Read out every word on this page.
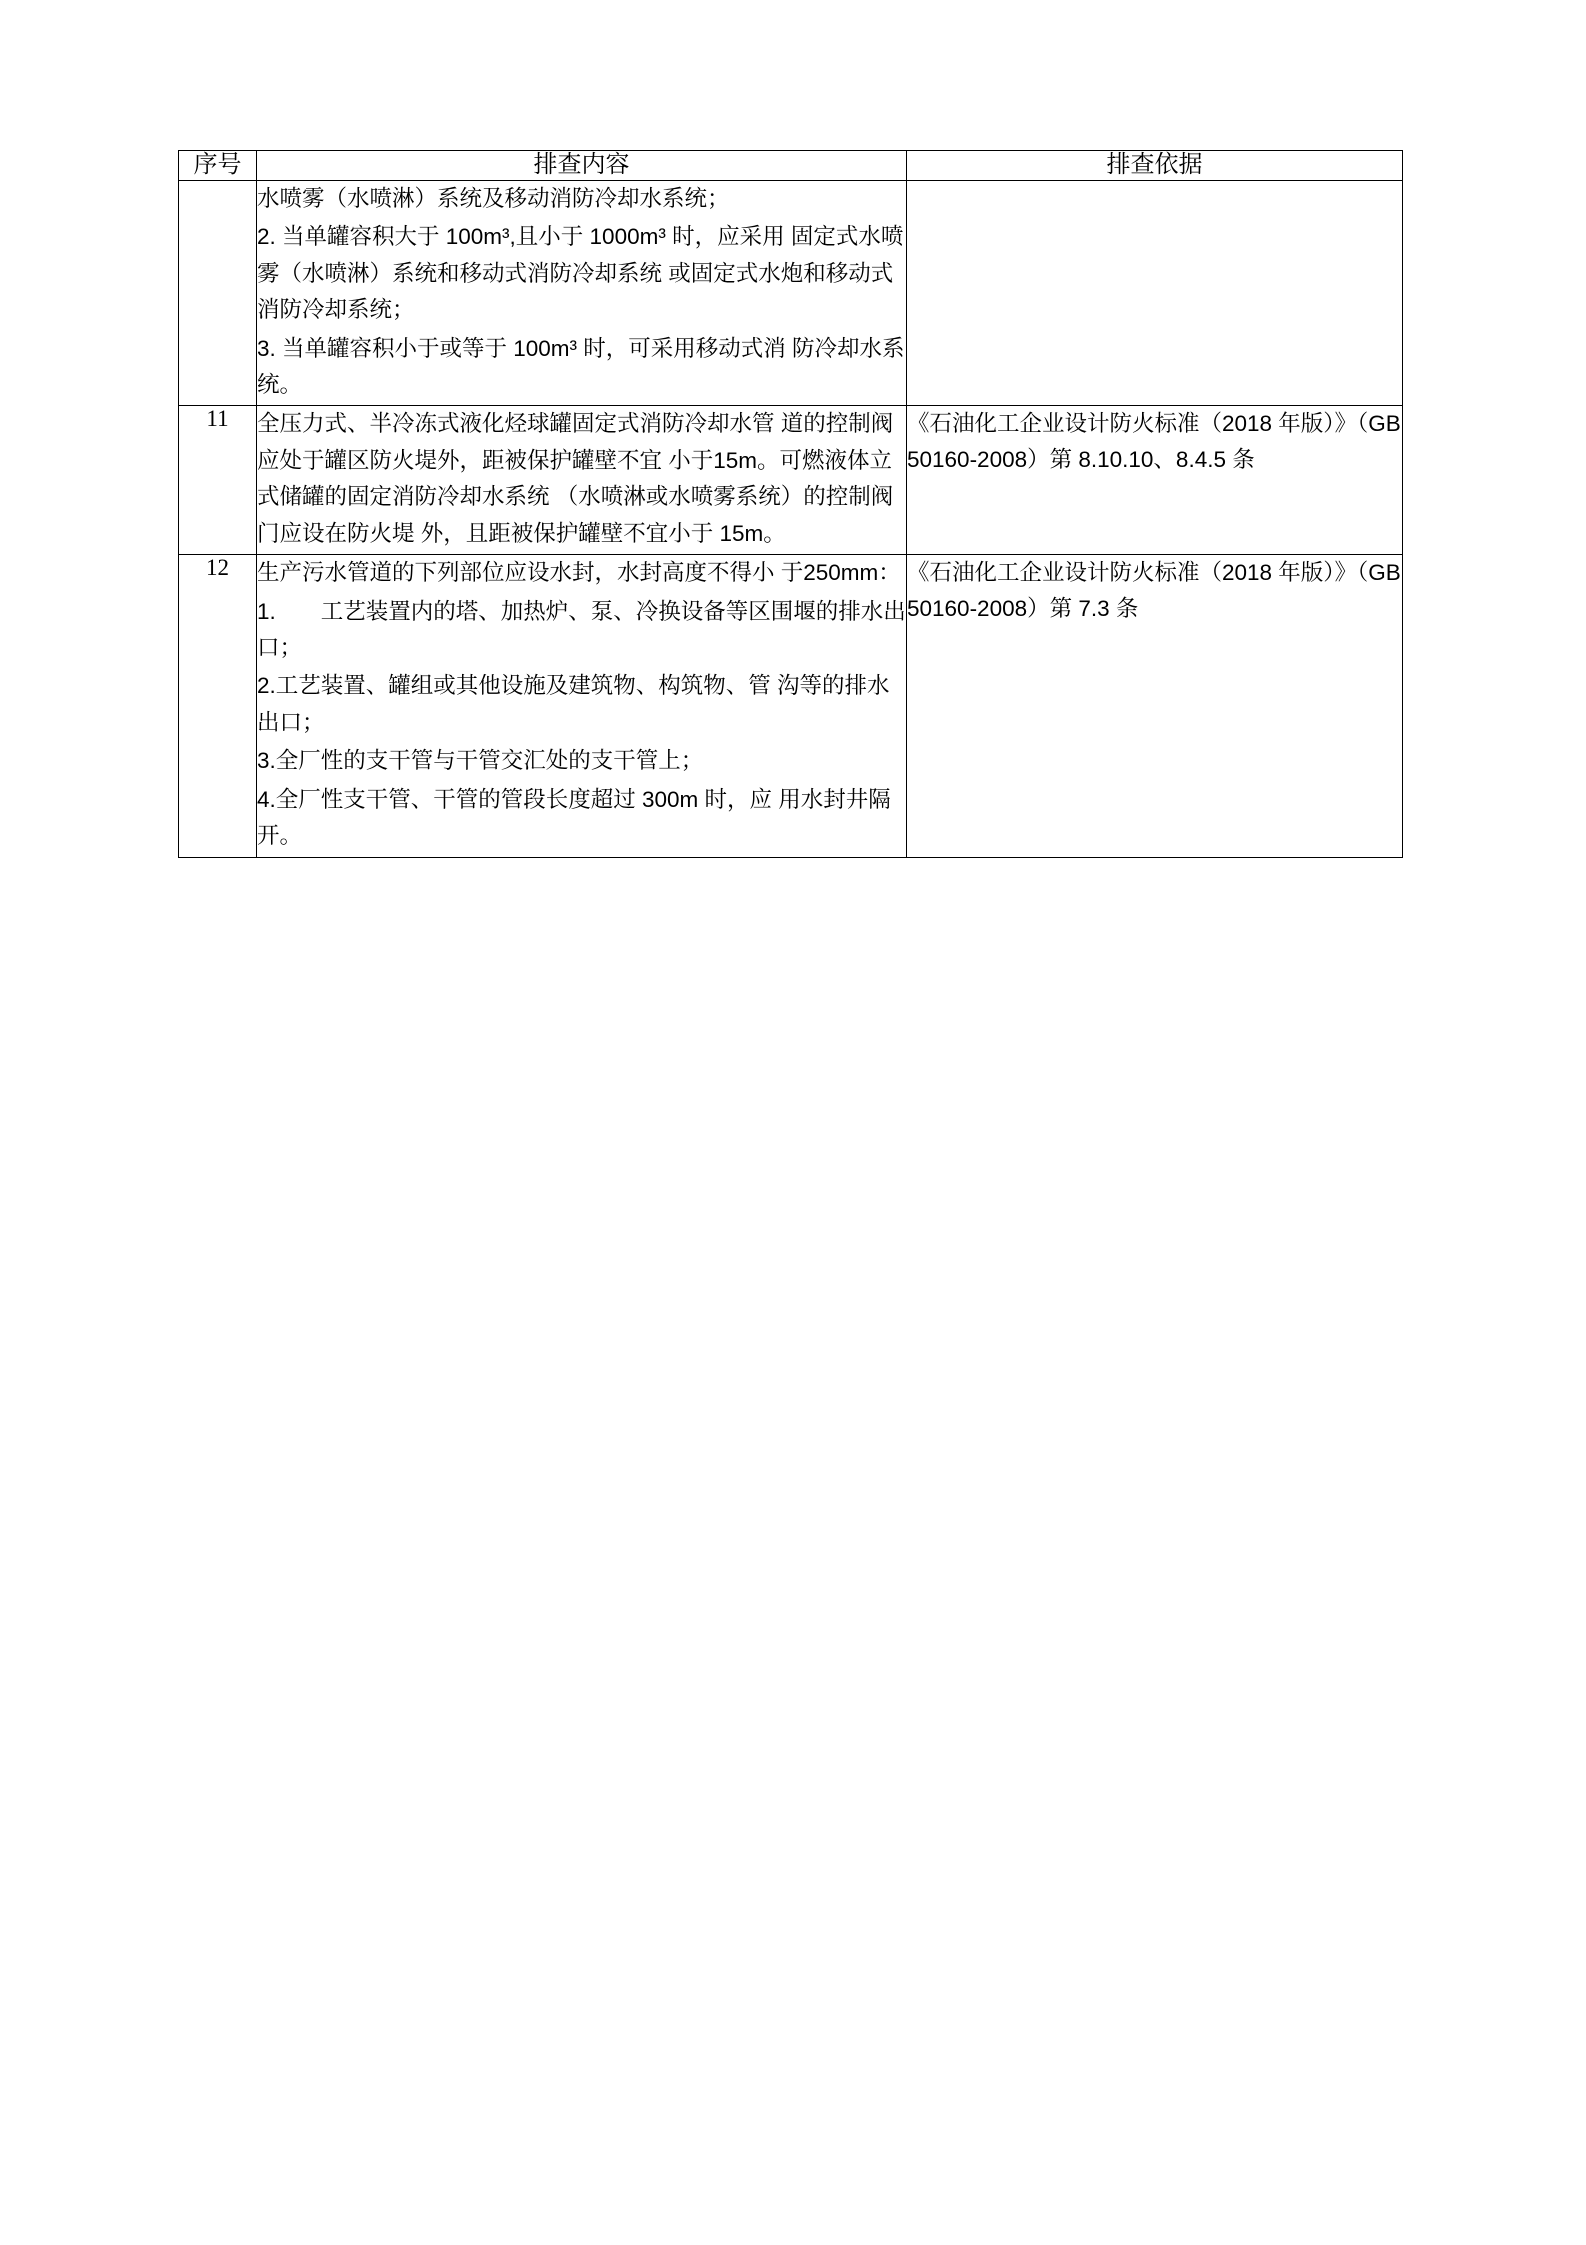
序号	排查内容	排查依据

	水喷雾（水喷淋）系统及移动消防冷却水系统；

2. 当单罐容积大于 100m³,且小于 1000m³ 时，应采用 固定式水喷雾（水喷淋）系统和移动式消防冷却系统 或固定式水炮和移动式消防冷却系统；

3. 当单罐容积小于或等于 100m³ 时，可采用移动式消 防冷却水系统。	

11	全压力式、半冷冻式液化烃球罐固定式消防冷却水管 道的控制阀应处于罐区防火堤外，距被保护罐壁不宜 小于15m。可燃液体立式储罐的固定消防冷却水系统 （水喷淋或水喷雾系统）的控制阀门应设在防火堤 外，且距被保护罐壁不宜小于 15m。	《石油化工企业设计防火标准（2018 年版）》（GB 50160-2008）第 8.10.10、8.4.5 条
12	生产污水管道的下列部位应设水封，水封高度不得小 于250mm：

1.　　工艺装置内的塔、加热炉、泵、冷换设备等区围堰的排水出口；

2.工艺装置、罐组或其他设施及建筑物、构筑物、管 沟等的排水出口；

3.全厂性的支干管与干管交汇处的支干管上；

4.全厂性支干管、干管的管段长度超过 300m 时，应 用水封井隔开。	《石油化工企业设计防火标准（2018 年版）》（GB 50160-2008）第 7.3 条
